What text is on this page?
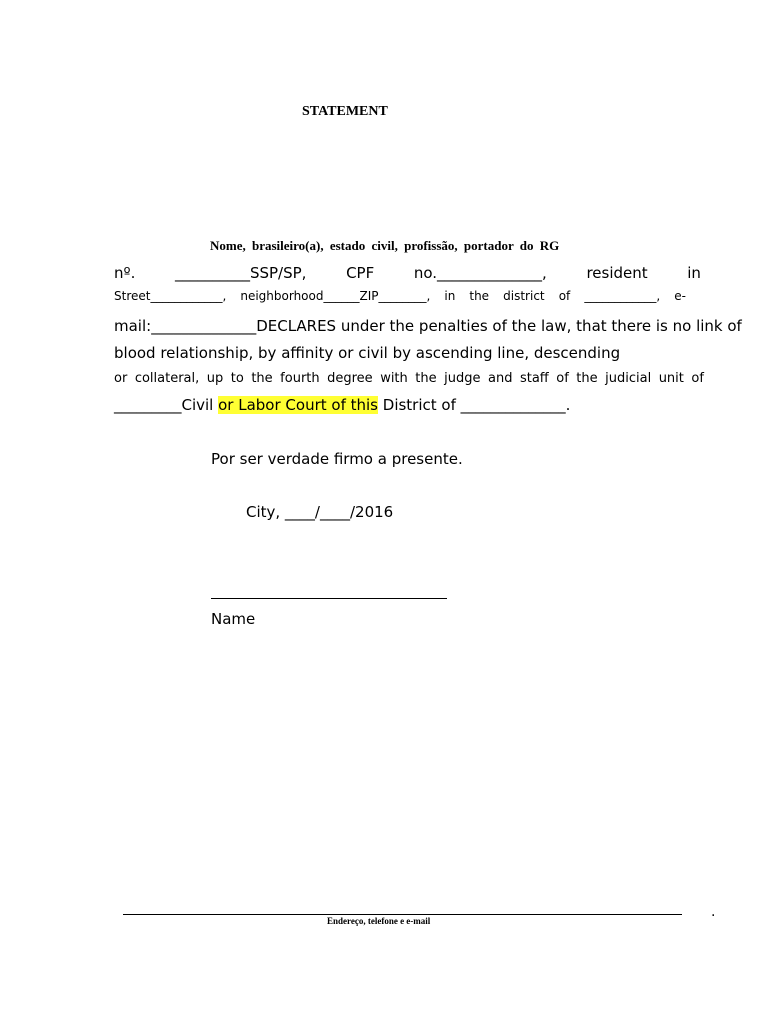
STATEMENT
Nome, brasileiro(a), estado civil, profissão, portador do RG
nº.	__________SSP/SP,	CPF	no.______________,	resident	in
Street____________, neighborhood______ZIP________, in the district of ____________, e-
mail:______________DECLARES under the penalties of the law, that there is no link of
blood relationship, by affinity or civil by ascending line, descending
or collateral, up to the fourth degree with the judge and staff of the judicial unit of
_________Civil or Labor Court of this District of ______________.
Por ser verdade firmo a presente.
City, ____/____/2016
Name
.
Endereço, telefone e e-mail
